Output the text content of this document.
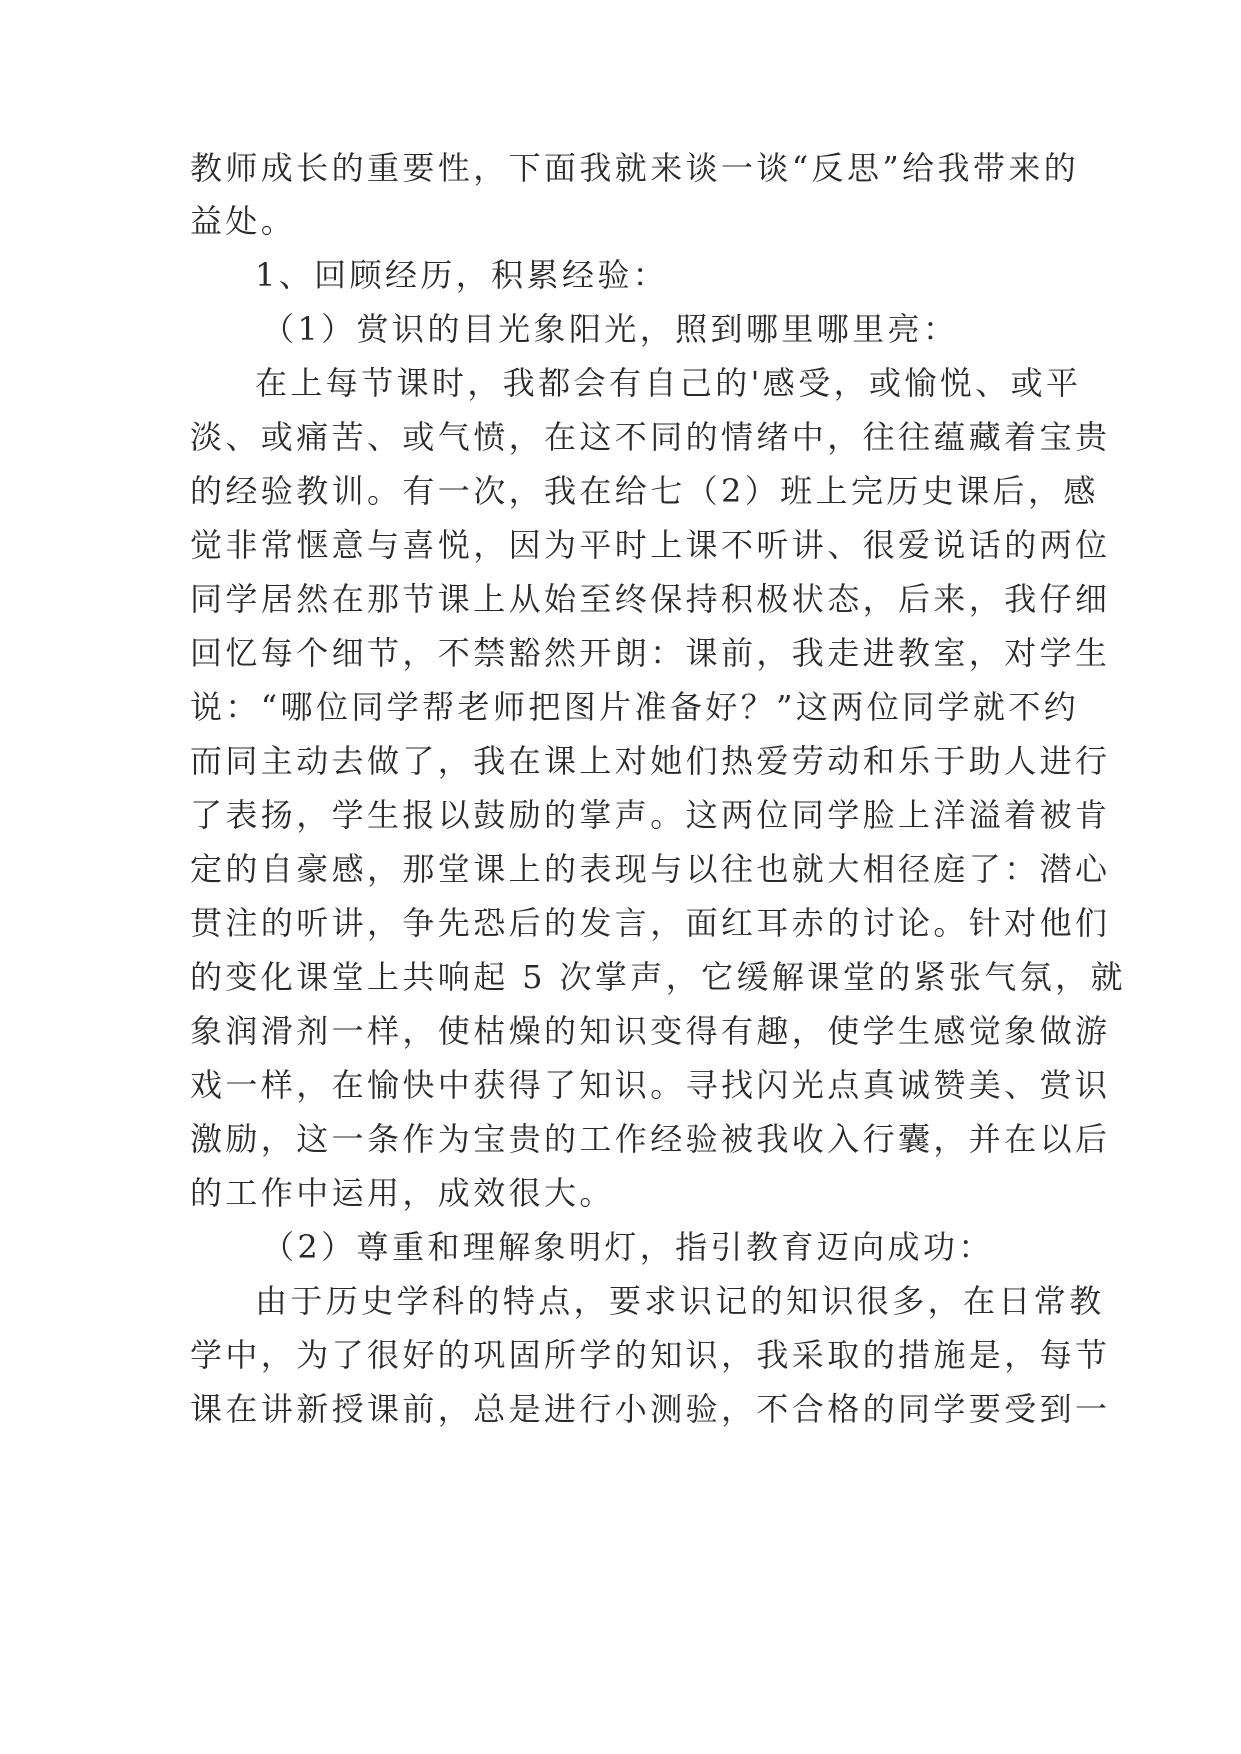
教师成长的重要性，下面我就来谈一谈“反思”给我带来的
益处。
1、回顾经历，积累经验：
（1）赏识的目光象阳光，照到哪里哪里亮：
在上每节课时，我都会有自己的'感受，或愉悦、或平
淡、或痛苦、或气愤，在这不同的情绪中，往往蕴藏着宝贵
的经验教训。有一次，我在给七（2）班上完历史课后，感
觉非常惬意与喜悦，因为平时上课不听讲、很爱说话的两位
同学居然在那节课上从始至终保持积极状态，后来，我仔细
回忆每个细节，不禁豁然开朗：课前，我走进教室，对学生
说：“哪位同学帮老师把图片准备好？”这两位同学就不约
而同主动去做了，我在课上对她们热爱劳动和乐于助人进行
了表扬，学生报以鼓励的掌声。这两位同学脸上洋溢着被肯
定的自豪感，那堂课上的表现与以往也就大相径庭了：潜心
贯注的听讲，争先恐后的发言，面红耳赤的讨论。针对他们
的变化课堂上共响起 5 次掌声，它缓解课堂的紧张气氛，就
象润滑剂一样，使枯燥的知识变得有趣，使学生感觉象做游
戏一样，在愉快中获得了知识。寻找闪光点真诚赞美、赏识
激励，这一条作为宝贵的工作经验被我收入行囊，并在以后
的工作中运用，成效很大。
（2）尊重和理解象明灯，指引教育迈向成功：
由于历史学科的特点，要求识记的知识很多，在日常教
学中，为了很好的巩固所学的知识，我采取的措施是，每节
课在讲新授课前，总是进行小测验，不合格的同学要受到一
